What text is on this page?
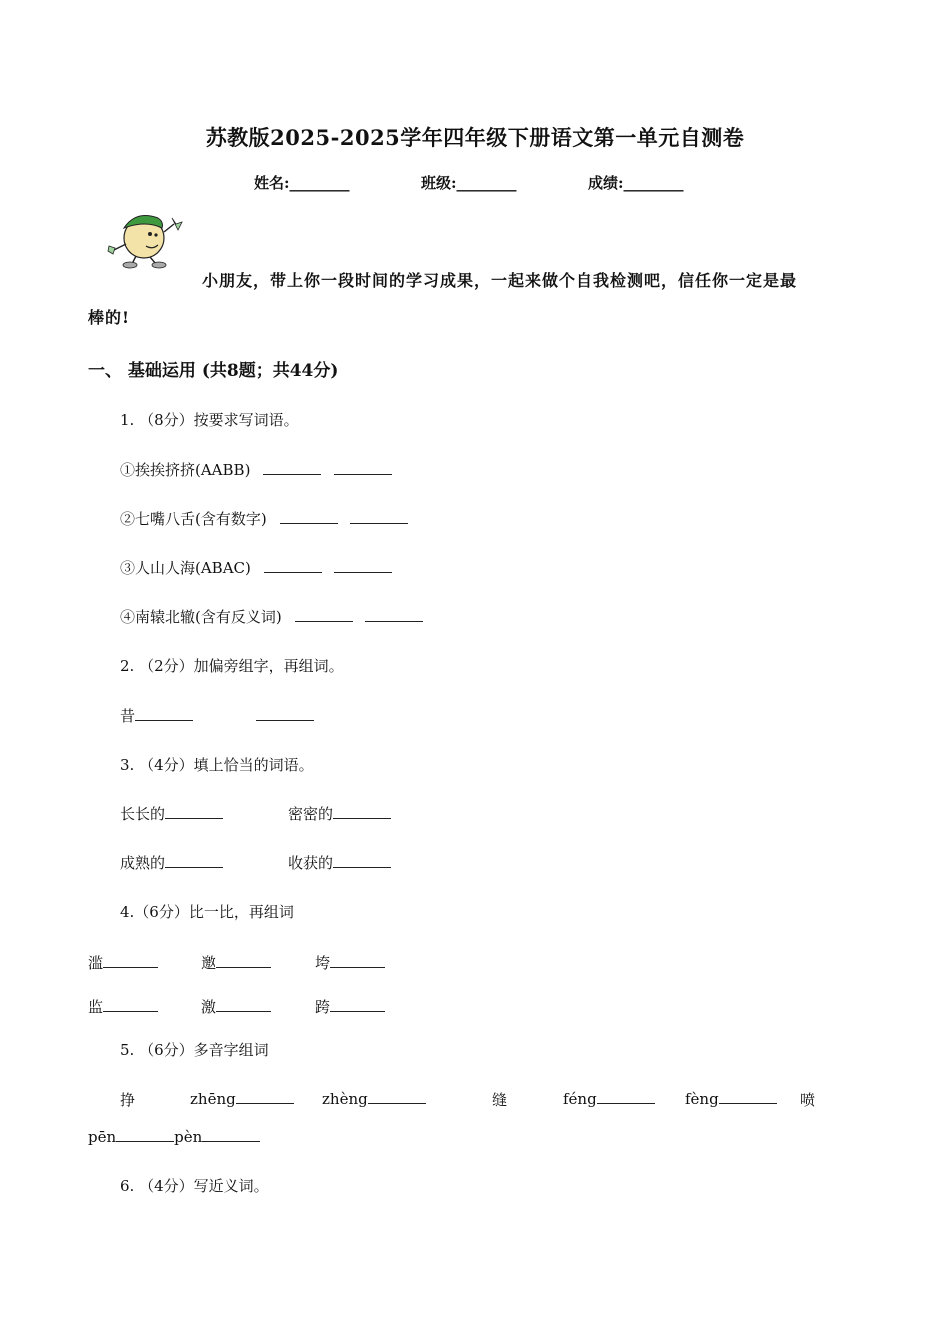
苏教版2025-2025学年四年级下册语文第一单元自测卷
姓名:________	班级:________	成绩:________
小朋友，带上你一段时间的学习成果，一起来做个自我检测吧，信任你一定是最
棒的!
一、 基础运用 (共8题；共44分)
1. （8分）按要求写词语。
①挨挨挤挤(AABB)
②七嘴八舌(含有数字)
③人山人海(ABAC)
④南辕北辙(含有反义词)
2. （2分）加偏旁组字，再组词。
昔
3. （4分）填上恰当的词语。
长长的	密密的
成熟的	收获的
4.（6分）比一比，再组词
滥	邀	垮
监	激	跨
5. （6分）多音字组词
挣	zhēng	zhèng	缝	féng	fèng	喷
pēn	pèn
6. （4分）写近义词。
